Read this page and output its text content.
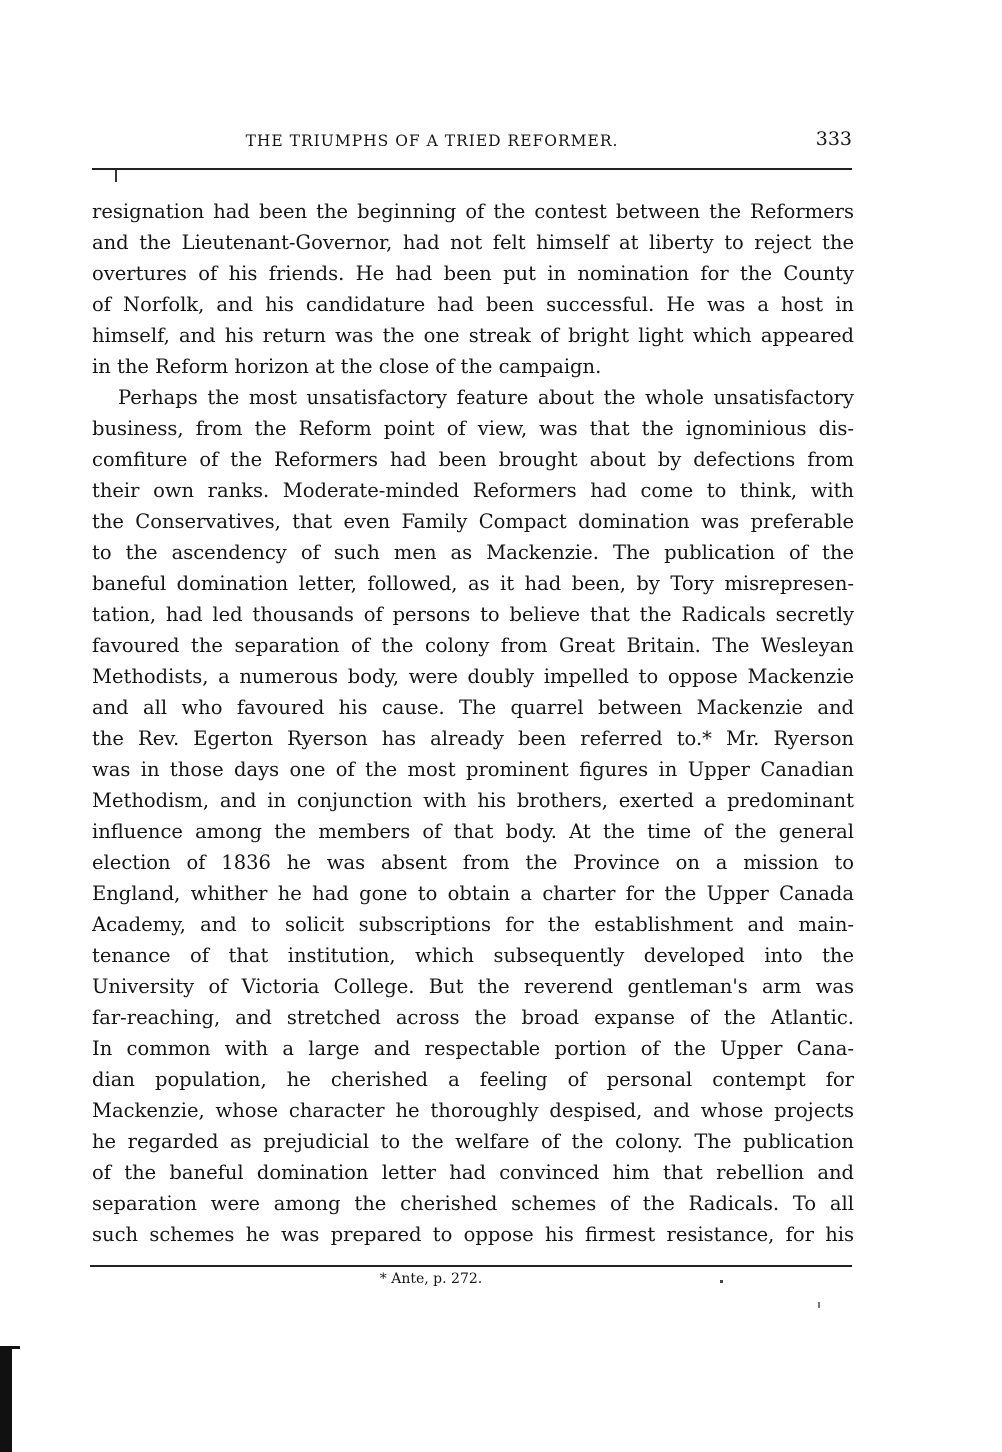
THE TRIUMPHS OF A TRIED REFORMER.	333
resignation had been the beginning of the contest between the Reformers
and the Lieutenant-Governor, had not felt himself at liberty to reject the
overtures of his friends. He had been put in nomination for the County
of Norfolk, and his candidature had been successful. He was a host in
himself, and his return was the one streak of bright light which appeared
in the Reform horizon at the close of the campaign.
Perhaps the most unsatisfactory feature about the whole unsatisfactory
business, from the Reform point of view, was that the ignominious dis-
comfiture of the Reformers had been brought about by defections from
their own ranks. Moderate-minded Reformers had come to think, with
the Conservatives, that even Family Compact domination was preferable
to the ascendency of such men as Mackenzie. The publication of the
baneful domination letter, followed, as it had been, by Tory misrepresen-
tation, had led thousands of persons to believe that the Radicals secretly
favoured the separation of the colony from Great Britain. The Wesleyan
Methodists, a numerous body, were doubly impelled to oppose Mackenzie
and all who favoured his cause. The quarrel between Mackenzie and
the Rev. Egerton Ryerson has already been referred to.* Mr. Ryerson
was in those days one of the most prominent figures in Upper Canadian
Methodism, and in conjunction with his brothers, exerted a predominant
influence among the members of that body. At the time of the general
election of 1836 he was absent from the Province on a mission to
England, whither he had gone to obtain a charter for the Upper Canada
Academy, and to solicit subscriptions for the establishment and main-
tenance of that institution, which subsequently developed into the
University of Victoria College. But the reverend gentleman's arm was
far-reaching, and stretched across the broad expanse of the Atlantic.
In common with a large and respectable portion of the Upper Cana-
dian population, he cherished a feeling of personal contempt for
Mackenzie, whose character he thoroughly despised, and whose projects
he regarded as prejudicial to the welfare of the colony. The publication
of the baneful domination letter had convinced him that rebellion and
separation were among the cherished schemes of the Radicals. To all
such schemes he was prepared to oppose his firmest resistance, for his
* Ante, p. 272.
